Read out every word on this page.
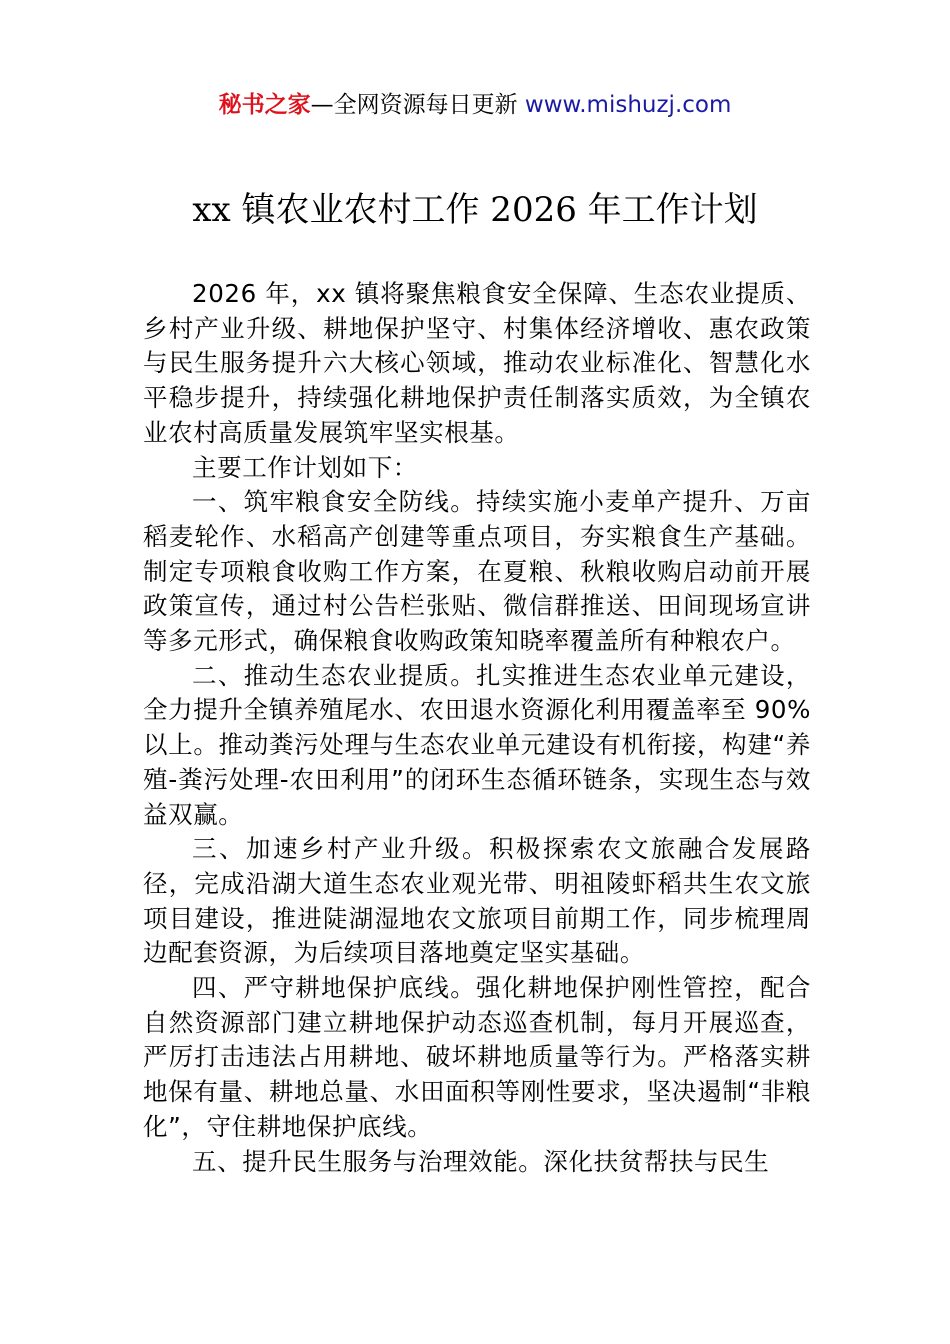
秘书之家—全网资源每日更新 www.mishuzj.com
xx 镇农业农村工作 2026 年工作计划

2026 年，xx 镇将聚焦粮食安全保障、生态农业提质、乡村产业升级、耕地保护坚守、村集体经济增收、惠农政策与民生服务提升六大核心领域，推动农业标准化、智慧化水平稳步提升，持续强化耕地保护责任制落实质效，为全镇农业农村高质量发展筑牢坚实根基。

主要工作计划如下：

一、筑牢粮食安全防线。持续实施小麦单产提升、万亩稻麦轮作、水稻高产创建等重点项目，夯实粮食生产基础。制定专项粮食收购工作方案，在夏粮、秋粮收购启动前开展政策宣传，通过村公告栏张贴、微信群推送、田间现场宣讲等多元形式，确保粮食收购政策知晓率覆盖所有种粮农户。

二、推动生态农业提质。扎实推进生态农业单元建设，全力提升全镇养殖尾水、农田退水资源化利用覆盖率至 90%以上。推动粪污处理与生态农业单元建设有机衔接，构建“养殖-粪污处理-农田利用”的闭环生态循环链条，实现生态与效益双赢。

三、加速乡村产业升级。积极探索农文旅融合发展路径，完成沿湖大道生态农业观光带、明祖陵虾稻共生农文旅项目建设，推进陡湖湿地农文旅项目前期工作，同步梳理周边配套资源，为后续项目落地奠定坚实基础。

四、严守耕地保护底线。强化耕地保护刚性管控，配合自然资源部门建立耕地保护动态巡查机制，每月开展巡查，严厉打击违法占用耕地、破坏耕地质量等行为。严格落实耕地保有量、耕地总量、水田面积等刚性要求，坚决遏制“非粮化”，守住耕地保护底线。

五、提升民生服务与治理效能。深化扶贫帮扶与民生
